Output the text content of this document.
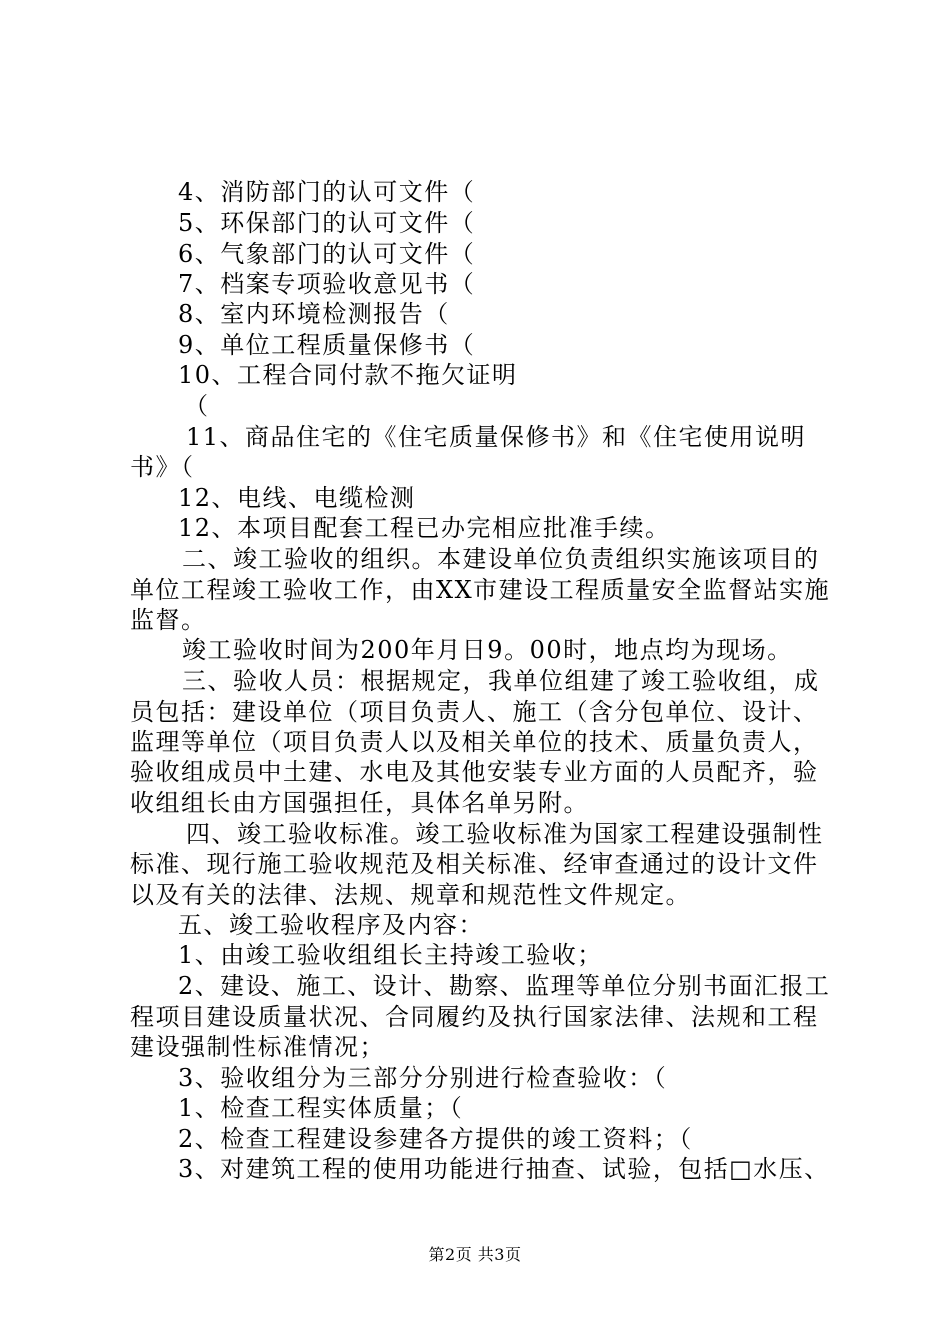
4、消防部门的认可文件（
5、环保部门的认可文件（
6、气象部门的认可文件（
7、档案专项验收意见书（
8、室内环境检测报告（
9、单位工程质量保修书（
10、工程合同付款不拖欠证明
（
11、商品住宅的《住宅质量保修书》和《住宅使用说明
书》（
12、电线、电缆检测
12、本项目配套工程已办完相应批准手续。
二、竣工验收的组织。本建设单位负责组织实施该项目的
单位工程竣工验收工作，由XX市建设工程质量安全监督站实施
监督。
竣工验收时间为200年月日9。00时，地点均为现场。
三、验收人员：根据规定，我单位组建了竣工验收组，成
员包括：建设单位（项目负责人、施工（含分包单位、设计、
监理等单位（项目负责人以及相关单位的技术、质量负责人，
验收组成员中土建、水电及其他安装专业方面的人员配齐，验
收组组长由方国强担任，具体名单另附。
四、竣工验收标准。竣工验收标准为国家工程建设强制性
标准、现行施工验收规范及相关标准、经审查通过的设计文件
以及有关的法律、法规、规章和规范性文件规定。
五、竣工验收程序及内容：
1、由竣工验收组组长主持竣工验收；
2、建设、施工、设计、勘察、监理等单位分别书面汇报工
程项目建设质量状况、合同履约及执行国家法律、法规和工程
建设强制性标准情况；
3、验收组分为三部分分别进行检查验收：（
1、检查工程实体质量；（
2、检查工程建设参建各方提供的竣工资料；（
3、对建筑工程的使用功能进行抽查、试验，包括□水压、
第2页 共3页
